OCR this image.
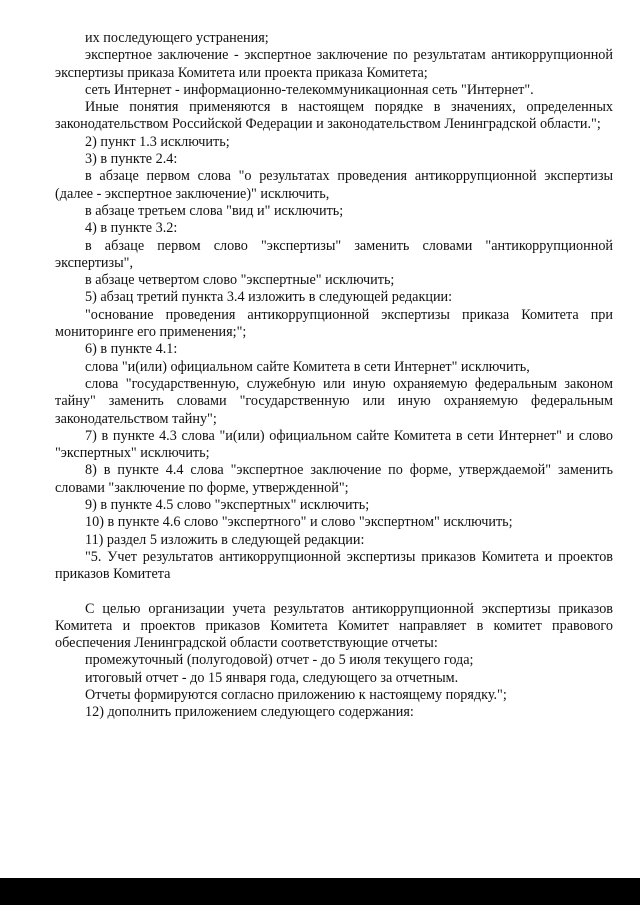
их последующего устранения;

экспертное заключение - экспертное заключение по результатам антикоррупционной экспертизы приказа Комитета или проекта приказа Комитета;

сеть Интернет - информационно-телекоммуникационная сеть "Интернет".

Иные понятия применяются в настоящем порядке в значениях, определенных законодательством Российской Федерации и законодательством Ленинградской области.";

2) пункт 1.3 исключить;

3) в пункте 2.4:

в абзаце первом слова "о результатах проведения антикоррупционной экспертизы (далее - экспертное заключение)" исключить,

в абзаце третьем слова "вид и" исключить;

4) в пункте 3.2:

в абзаце первом слово "экспертизы" заменить словами "антикоррупционной экспертизы",

в абзаце четвертом слово "экспертные" исключить;

5) абзац третий пункта 3.4 изложить в следующей редакции:

"основание проведения антикоррупционной экспертизы приказа Комитета при мониторинге его применения;";

6) в пункте 4.1:

слова "и(или) официальном сайте Комитета в сети Интернет" исключить,

слова "государственную, служебную или иную охраняемую федеральным законом тайну" заменить словами "государственную или иную охраняемую федеральным законодательством тайну";

7) в пункте 4.3 слова "и(или) официальном сайте Комитета в сети Интернет" и слово "экспертных" исключить;

8) в пункте 4.4 слова "экспертное заключение по форме, утверждаемой" заменить словами "заключение по форме, утвержденной";

9) в пункте 4.5 слово "экспертных" исключить;

10) в пункте 4.6 слово "экспертного" и слово "экспертном" исключить;

11) раздел 5 изложить в следующей редакции:

"5. Учет результатов антикоррупционной экспертизы приказов Комитета и проектов приказов Комитета

С целью организации учета результатов антикоррупционной экспертизы приказов Комитета и проектов приказов Комитета Комитет направляет в комитет правового обеспечения Ленинградской области соответствующие отчеты:

промежуточный (полугодовой) отчет - до 5 июля текущего года;

итоговый отчет - до 15 января года, следующего за отчетным.

Отчеты формируются согласно приложению к настоящему порядку.";

12) дополнить приложением следующего содержания:
